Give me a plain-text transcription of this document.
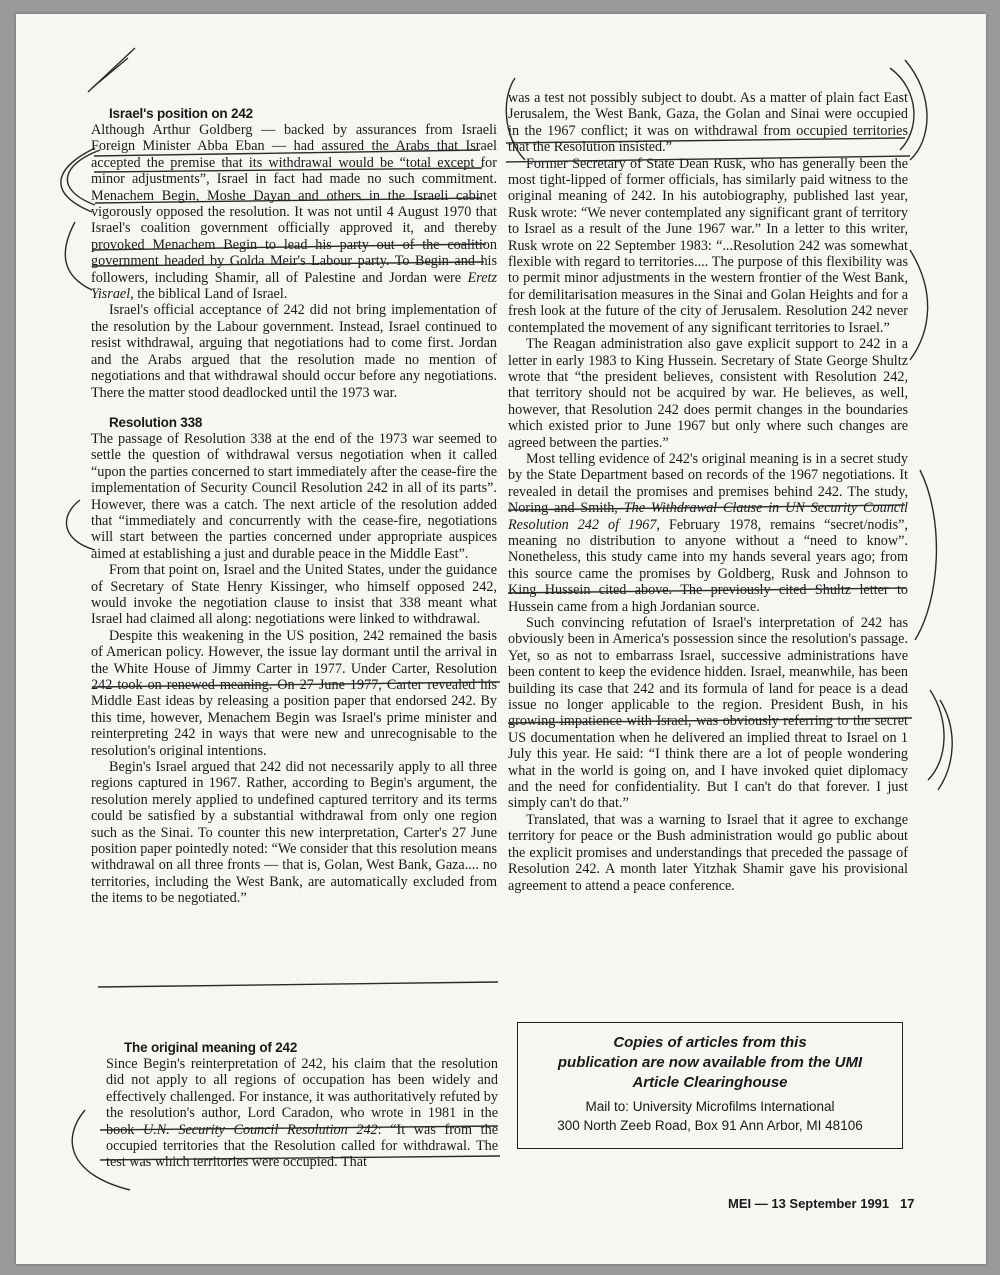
Israel's position on 242

Although Arthur Goldberg — backed by assurances from Israeli Foreign Minister Abba Eban — had assured the Arabs that Israel accepted the premise that its withdrawal would be “total except for minor adjustments”, Israel in fact had made no such commitment. Menachem Begin, Moshe Dayan and others in the Israeli cabinet vigorously opposed the resolution. It was not until 4 August 1970 that Israel's coalition government officially approved it, and thereby provoked Menachem Begin to lead his party out of the coalition government headed by Golda Meir's Labour party. To Begin and his followers, including Shamir, all of Palestine and Jordan were Eretz Yisrael, the biblical Land of Israel.

Israel's official acceptance of 242 did not bring implementation of the resolution by the Labour government. Instead, Israel continued to resist withdrawal, arguing that negotiations had to come first. Jordan and the Arabs argued that the resolution made no mention of negotiations and that withdrawal should occur before any negotiations. There the matter stood deadlocked until the 1973 war.

Resolution 338

The passage of Resolution 338 at the end of the 1973 war seemed to settle the question of withdrawal versus negotiation when it called “upon the parties concerned to start immediately after the cease-fire the implementation of Security Council Resolution 242 in all of its parts”. However, there was a catch. The next article of the resolution added that “immediately and concurrently with the cease-fire, negotiations will start between the parties concerned under appropriate auspices aimed at establishing a just and durable peace in the Middle East”.

From that point on, Israel and the United States, under the guidance of Secretary of State Henry Kissinger, who himself opposed 242, would invoke the negotiation clause to insist that 338 meant what Israel had claimed all along: negotiations were linked to withdrawal.

Despite this weakening in the US position, 242 remained the basis of American policy. However, the issue lay dormant until the arrival in the White House of Jimmy Carter in 1977. Under Carter, Resolution 242 took on renewed meaning. On 27 June 1977, Carter revealed his Middle East ideas by releasing a position paper that endorsed 242. By this time, however, Menachem Begin was Israel's prime minister and reinterpreting 242 in ways that were new and unrecognisable to the resolution's original intentions.

Begin's Israel argued that 242 did not necessarily apply to all three regions captured in 1967. Rather, according to Begin's argument, the resolution merely applied to undefined captured territory and its terms could be satisfied by a substantial withdrawal from only one region such as the Sinai. To counter this new interpretation, Carter's 27 June position paper pointedly noted: “We consider that this resolution means withdrawal on all three fronts — that is, Golan, West Bank, Gaza.... no territories, including the West Bank, are automatically excluded from the items to be negotiated.”

The original meaning of 242

Since Begin's reinterpretation of 242, his claim that the resolution did not apply to all regions of occupation has been widely and effectively challenged. For instance, it was authoritatively refuted by the resolution's author, Lord Caradon, who wrote in 1981 in the book U.N. Security Council Resolution 242: “It was from the occupied territories that the Resolution called for withdrawal. The test was which territories were occupied. That

was a test not possibly subject to doubt. As a matter of plain fact East Jerusalem, the West Bank, Gaza, the Golan and Sinai were occupied in the 1967 conflict; it was on withdrawal from occupied territories that the Resolution insisted.”

Former Secretary of State Dean Rusk, who has generally been the most tight-lipped of former officials, has similarly paid witness to the original meaning of 242. In his autobiography, published last year, Rusk wrote: “We never contemplated any significant grant of territory to Israel as a result of the June 1967 war.” In a letter to this writer, Rusk wrote on 22 September 1983: “...Resolution 242 was somewhat flexible with regard to territories.... The purpose of this flexibility was to permit minor adjustments in the western frontier of the West Bank, for demilitarisation measures in the Sinai and Golan Heights and for a fresh look at the future of the city of Jerusalem. Resolution 242 never contemplated the movement of any significant territories to Israel.”

The Reagan administration also gave explicit support to 242 in a letter in early 1983 to King Hussein. Secretary of State George Shultz wrote that “the president believes, consistent with Resolution 242, that territory should not be acquired by war. He believes, as well, however, that Resolution 242 does permit changes in the boundaries which existed prior to June 1967 but only where such changes are agreed between the parties.”

Most telling evidence of 242's original meaning is in a secret study by the State Department based on records of the 1967 negotiations. It revealed in detail the promises and premises behind 242. The study, Noring and Smith, The Withdrawal Clause in UN Security Council Resolution 242 of 1967, February 1978, remains “secret/nodis”, meaning no distribution to anyone without a “need to know”. Nonetheless, this study came into my hands several years ago; from this source came the promises by Goldberg, Rusk and Johnson to King Hussein cited above. The previously cited Shultz letter to Hussein came from a high Jordanian source.

Such convincing refutation of Israel's interpretation of 242 has obviously been in America's possession since the resolution's passage. Yet, so as not to embarrass Israel, successive administrations have been content to keep the evidence hidden. Israel, meanwhile, has been building its case that 242 and its formula of land for peace is a dead issue no longer applicable to the region. President Bush, in his growing impatience with Israel, was obviously referring to the secret US documentation when he delivered an implied threat to Israel on 1 July this year. He said: “I think there are a lot of people wondering what in the world is going on, and I have invoked quiet diplomacy and the need for confidentiality. But I can't do that forever. I just simply can't do that.”

Translated, that was a warning to Israel that it agree to exchange territory for peace or the Bush administration would go public about the explicit promises and understandings that preceded the passage of Resolution 242. A month later Yitzhak Shamir gave his provisional agreement to attend a peace conference.

Copies of articles from this
publication are now available from the UMI
Article Clearinghouse
Mail to: University Microfilms International
300 North Zeeb Road, Box 91 Ann Arbor, MI 48106
MEI — 13 September 1991 17
